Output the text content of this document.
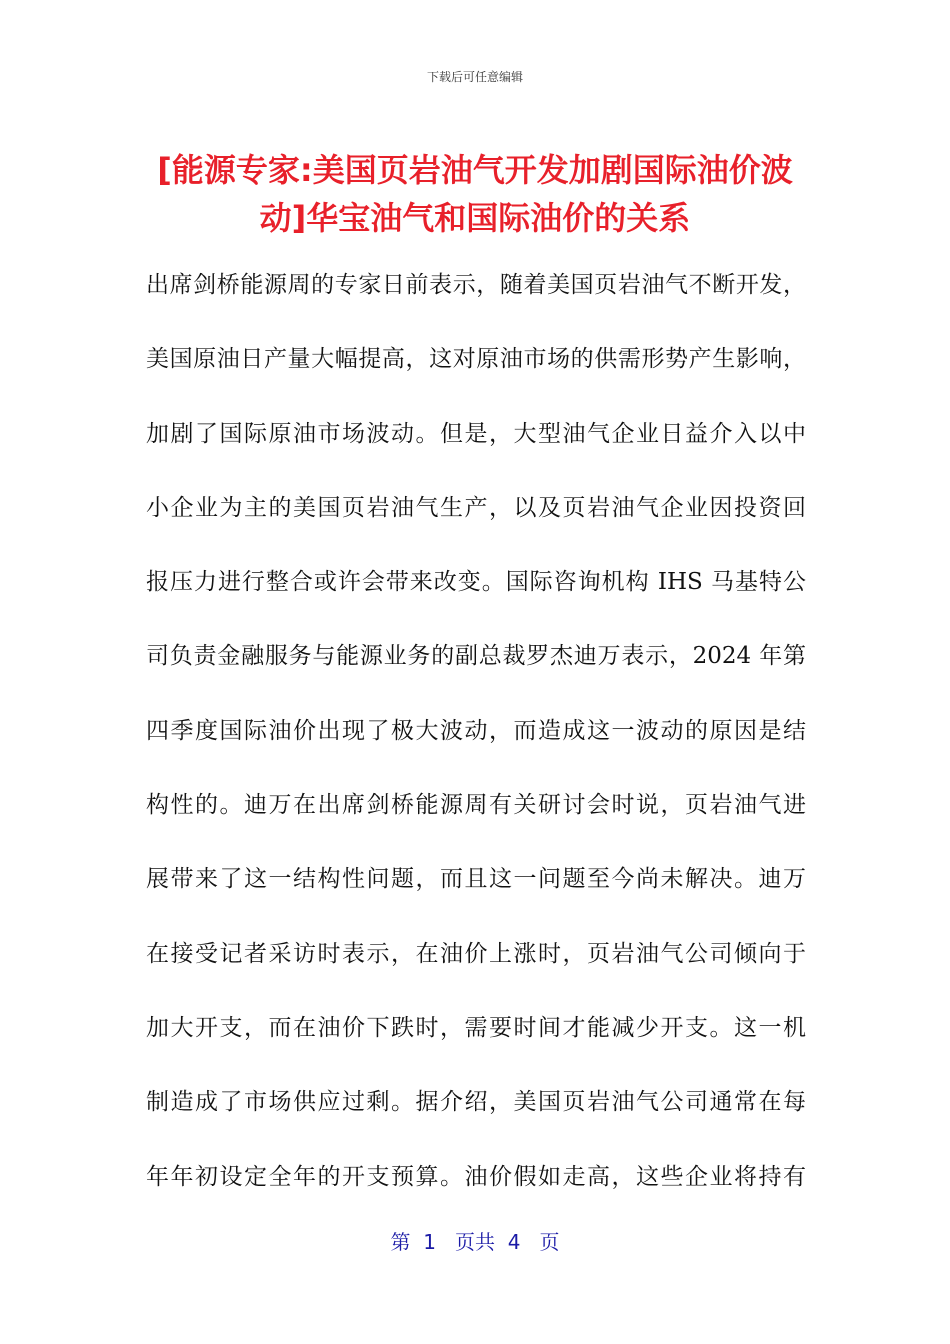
下载后可任意编辑
[能源专家:美国页岩油气开发加剧国际油价波
动]华宝油气和国际油价的关系
出席剑桥能源周的专家日前表示，随着美国页岩油气不断开发，
美国原油日产量大幅提高，这对原油市场的供需形势产生影响，
加剧了国际原油市场波动。但是，大型油气企业日益介入以中
小企业为主的美国页岩油气生产，以及页岩油气企业因投资回
报压力进行整合或许会带来改变。国际咨询机构 IHS 马基特公
司负责金融服务与能源业务的副总裁罗杰迪万表示，2024 年第
四季度国际油价出现了极大波动，而造成这一波动的原因是结
构性的。迪万在出席剑桥能源周有关研讨会时说，页岩油气进
展带来了这一结构性问题，而且这一问题至今尚未解决。迪万
在接受记者采访时表示，在油价上涨时，页岩油气公司倾向于
加大开支，而在油价下跌时，需要时间才能减少开支。这一机
制造成了市场供应过剩。据介绍，美国页岩油气公司通常在每
年年初设定全年的开支预算。油价假如走高，这些企业将持有
第  1   页共  4   页
